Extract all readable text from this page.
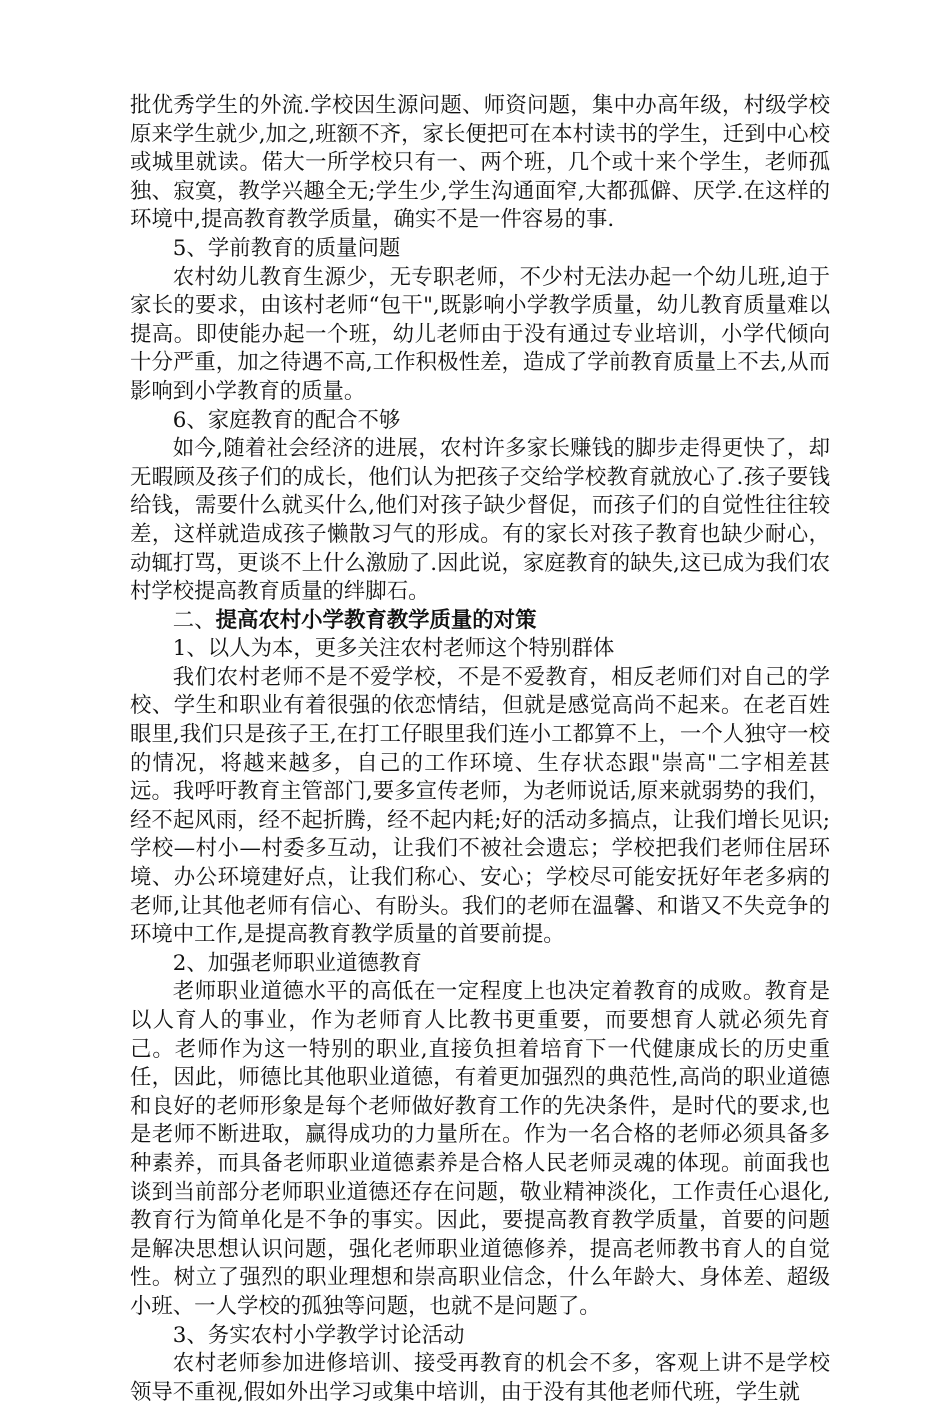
批优秀学生的外流.学校因生源问题、师资问题，集中办高年级，村级学校原来学生就少,加之,班额不齐，家长便把可在本村读书的学生，迁到中心校或城里就读。偌大一所学校只有一、两个班，几个或十来个学生，老师孤独、寂寞，教学兴趣全无;学生少,学生沟通面窄,大都孤僻、厌学.在这样的环境中,提高教育教学质量，确实不是一件容易的事.

5、学前教育的质量问题

农村幼儿教育生源少，无专职老师，不少村无法办起一个幼儿班,迫于家长的要求，由该村老师“包干",既影响小学教学质量，幼儿教育质量难以提高。即使能办起一个班，幼儿老师由于没有通过专业培训，小学代倾向十分严重，加之待遇不高,工作积极性差，造成了学前教育质量上不去,从而影响到小学教育的质量。

6、家庭教育的配合不够

如今,随着社会经济的进展，农村许多家长赚钱的脚步走得更快了，却无暇顾及孩子们的成长，他们认为把孩子交给学校教育就放心了.孩子要钱给钱，需要什么就买什么,他们对孩子缺少督促，而孩子们的自觉性往往较差，这样就造成孩子懒散习气的形成。有的家长对孩子教育也缺少耐心，动辄打骂，更谈不上什么激励了.因此说，家庭教育的缺失,这已成为我们农村学校提高教育质量的绊脚石。

二、提高农村小学教育教学质量的对策

1、以人为本，更多关注农村老师这个特别群体

我们农村老师不是不爱学校，不是不爱教育，相反老师们对自己的学校、学生和职业有着很强的依恋情结，但就是感觉高尚不起来。在老百姓眼里,我们只是孩子王,在打工仔眼里我们连小工都算不上，一个人独守一校的情况，将越来越多，自己的工作环境、生存状态跟"崇高"二字相差甚远。我呼吁教育主管部门,要多宣传老师，为老师说话,原来就弱势的我们，经不起风雨，经不起折腾，经不起内耗;好的活动多搞点，让我们增长见识;学校—村小—村委多互动，让我们不被社会遗忘；学校把我们老师住居环境、办公环境建好点，让我们称心、安心；学校尽可能安抚好年老多病的老师,让其他老师有信心、有盼头。我们的老师在温馨、和谐又不失竞争的环境中工作,是提高教育教学质量的首要前提。

2、加强老师职业道德教育

老师职业道德水平的高低在一定程度上也决定着教育的成败。教育是以人育人的事业，作为老师育人比教书更重要，而要想育人就必须先育己。老师作为这一特别的职业,直接负担着培育下一代健康成长的历史重任，因此，师德比其他职业道德，有着更加强烈的典范性,高尚的职业道德和良好的老师形象是每个老师做好教育工作的先决条件，是时代的要求,也是老师不断进取，赢得成功的力量所在。作为一名合格的老师必须具备多种素养，而具备老师职业道德素养是合格人民老师灵魂的体现。前面我也谈到当前部分老师职业道德还存在问题，敬业精神淡化，工作责任心退化,教育行为简单化是不争的事实。因此，要提高教育教学质量，首要的问题是解决思想认识问题，强化老师职业道德修养，提高老师教书育人的自觉性。树立了强烈的职业理想和崇高职业信念，什么年龄大、身体差、超级小班、一人学校的孤独等问题，也就不是问题了。

3、务实农村小学教学讨论活动

农村老师参加进修培训、接受再教育的机会不多，客观上讲不是学校领导不重视,假如外出学习或集中培训，由于没有其他老师代班，学生就
